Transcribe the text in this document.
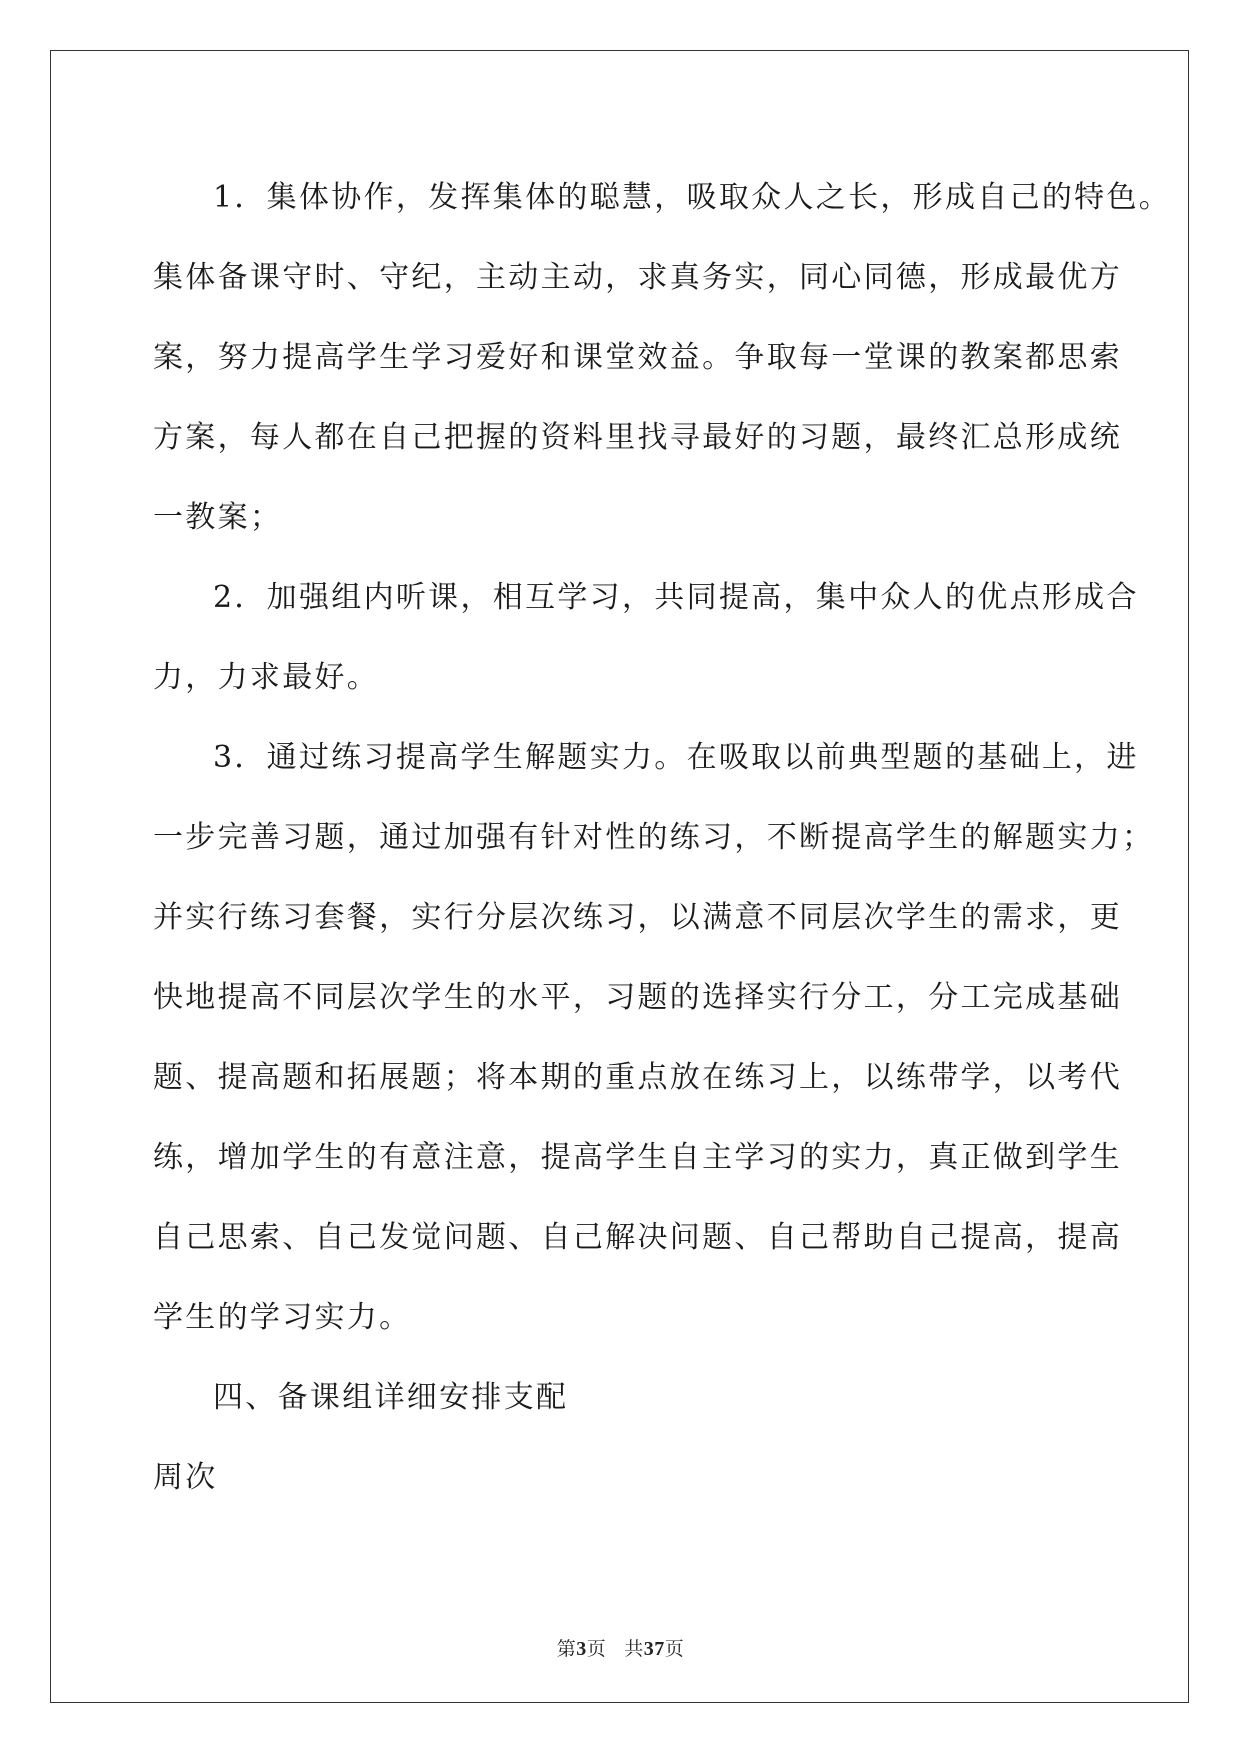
1．集体协作，发挥集体的聪慧，吸取众人之长，形成自己的特色。
集体备课守时、守纪，主动主动，求真务实，同心同德，形成最优方
案，努力提高学生学习爱好和课堂效益。争取每一堂课的教案都思索
方案，每人都在自己把握的资料里找寻最好的习题，最终汇总形成统
一教案；
2．加强组内听课，相互学习，共同提高，集中众人的优点形成合
力，力求最好。
3．通过练习提高学生解题实力。在吸取以前典型题的基础上，进
一步完善习题，通过加强有针对性的练习，不断提高学生的解题实力；
并实行练习套餐，实行分层次练习，以满意不同层次学生的需求，更
快地提高不同层次学生的水平，习题的选择实行分工，分工完成基础
题、提高题和拓展题；将本期的重点放在练习上，以练带学，以考代
练，增加学生的有意注意，提高学生自主学习的实力，真正做到学生
自己思索、自己发觉问题、自己解决问题、自己帮助自己提高，提高
学生的学习实力。
四、备课组详细安排支配
周次
第3页 共37页
